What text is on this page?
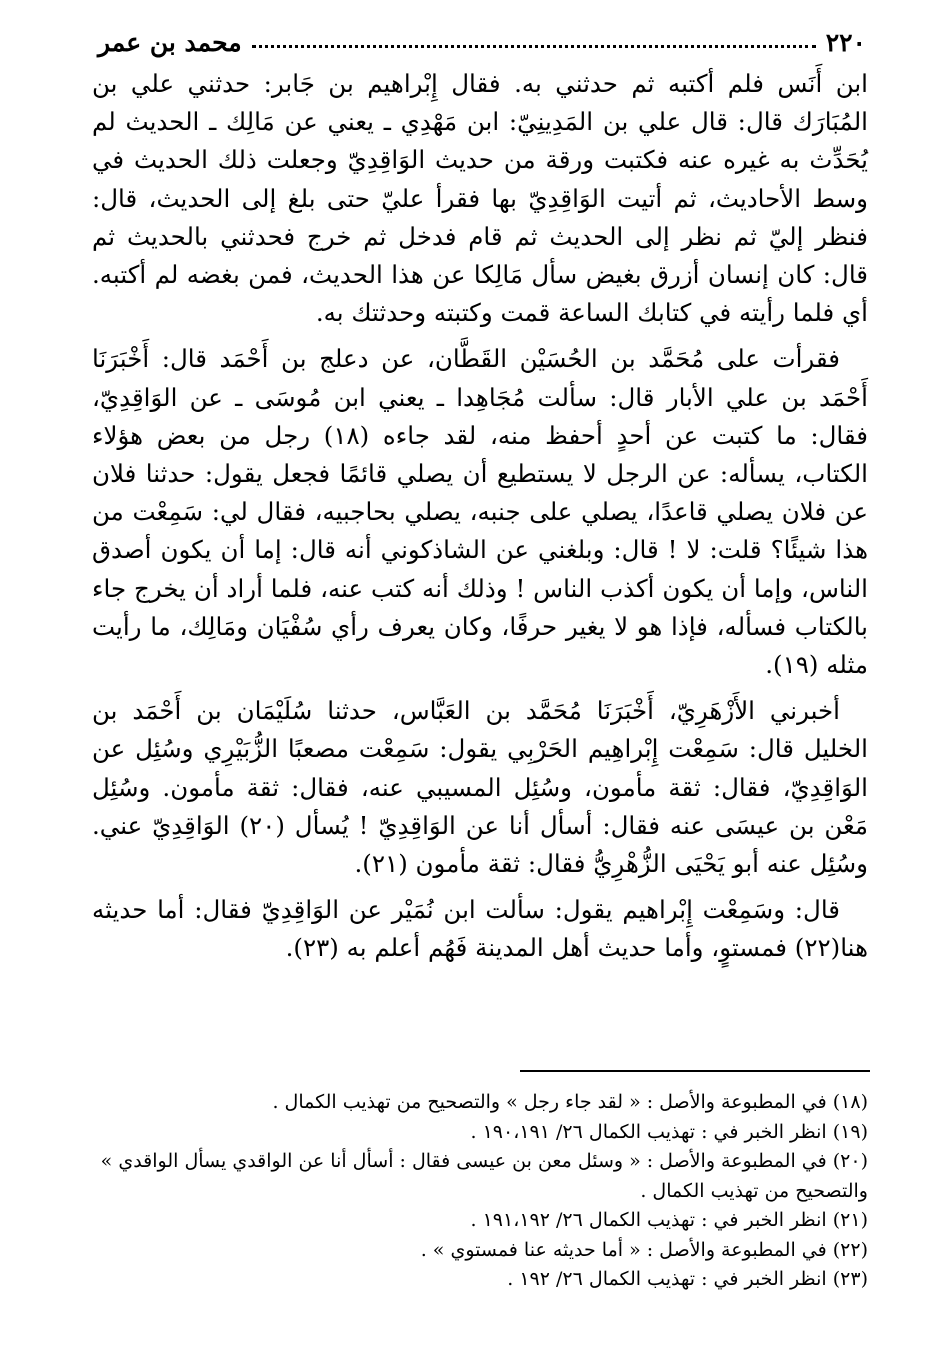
٢٢٠
محمد بن عمر

ابن أَنَس فلم أكتبه ثم حدثني به. فقال إِبْراهيم بن جَابر: حدثني علي بن المُبَارَك قال: قال علي بن المَدِينِيّ: ابن مَهْدِي ـ يعني عن مَالِك ـ الحديث لم يُحَدِّث به غيره عنه فكتبت ورقة من حديث الوَاقِدِيّ وجعلت ذلك الحديث في وسط الأحاديث، ثم أتيت الوَاقِدِيّ بها فقرأ عليّ حتى بلغ إلى الحديث، قال: فنظر إليّ ثم نظر إلى الحديث ثم قام فدخل ثم خرج فحدثني بالحديث ثم قال: كان إنسان أزرق بغيض سأل مَالِكا عن هذا الحديث، فمن بغضه لم أكتبه. أي فلما رأيته في كتابك الساعة قمت وكتبته وحدثتك به.

فقرأت على مُحَمَّد بن الحُسَيْن القَطَّان، عن دعلج بن أَحْمَد قال: أَخْبَرَنَا أَحْمَد بن علي الأبار قال: سألت مُجَاهِدا ـ يعني ابن مُوسَى ـ عن الوَاقِدِيّ، فقال: ما كتبت عن أحدٍ أحفظ منه، لقد جاءه (١٨) رجل من بعض هؤلاء الكتاب، يسأله: عن الرجل لا يستطيع أن يصلي قائمًا فجعل يقول: حدثنا فلان عن فلان يصلي قاعدًا، يصلي على جنبه، يصلي بحاجبيه، فقال لي: سَمِعْت من هذا شيئًا؟ قلت: لا ! قال: وبلغني عن الشاذكوني أنه قال: إما أن يكون أصدق الناس، وإما أن يكون أكذب الناس ! وذلك أنه كتب عنه، فلما أراد أن يخرج جاء بالكتاب فسأله، فإذا هو لا يغير حرفًا، وكان يعرف رأي سُفْيَان ومَالِك، ما رأيت مثله (١٩).

أخبرني الأَزْهَرِيّ، أَخْبَرَنَا مُحَمَّد بن العَبَّاس، حدثنا سُلَيْمَان بن أَحْمَد بن الخليل قال: سَمِعْت إِبْراهِيم الحَرْبِي يقول: سَمِعْت مصعبًا الزُّبَيْرِي وسُئِل عن الوَاقِدِيّ، فقال: ثقة مأمون، وسُئِل المسيبي عنه، فقال: ثقة مأمون. وسُئِل مَعْن بن عيسَى عنه فقال: أسأل أنا عن الوَاقِدِيّ ! يُسأل (٢٠) الوَاقِدِيّ عني. وسُئِل عنه أبو يَحْيَى الزُّهْرِيُّ فقال: ثقة مأمون (٢١).

قال: وسَمِعْت إِبْراهيم يقول: سألت ابن نُمَيْر عن الوَاقِدِيّ فقال: أما حديثه هنا(٢٢) فمستوٍ، وأما حديث أهل المدينة فَهُم أعلم به (٢٣).

(١٨) في المطبوعة والأصل : « لقد جاء رجل » والتصحيح من تهذيب الكمال .

(١٩) انظر الخبر في : تهذيب الكمال ٢٦/ ١٩٠،١٩١ .

(٢٠) في المطبوعة والأصل : « وسئل معن بن عيسى فقال : أسأل أنا عن الواقدي يسأل الواقدي » والتصحيح من تهذيب الكمال .

(٢١) انظر الخبر في : تهذيب الكمال ٢٦/ ١٩١،١٩٢ .

(٢٢) في المطبوعة والأصل : « أما حديثه عنا فمستوي » .

(٢٣) انظر الخبر في : تهذيب الكمال ٢٦/ ١٩٢ .
